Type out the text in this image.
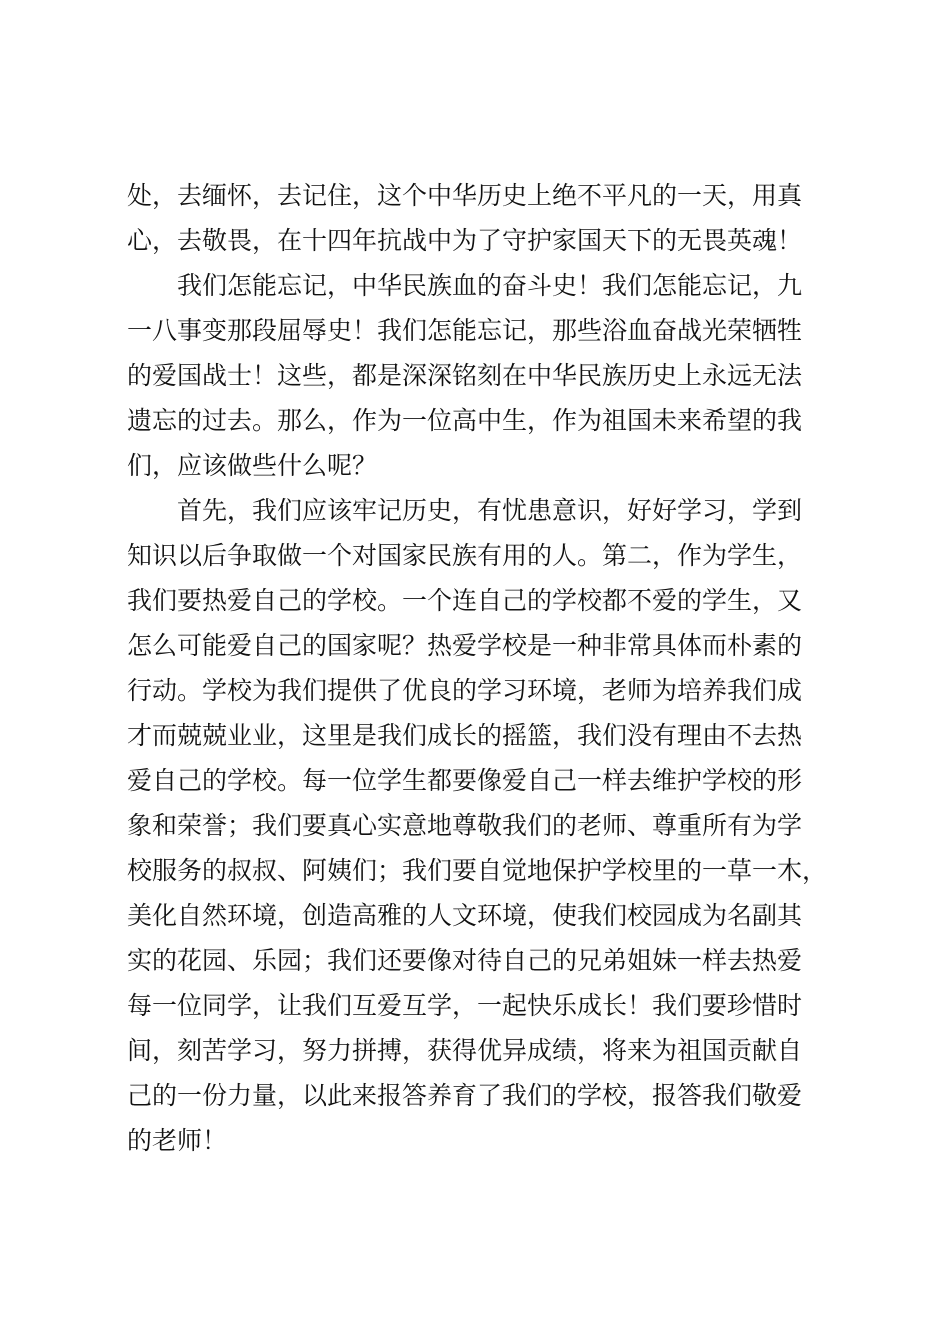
处，去缅怀，去记住，这个中华历史上绝不平凡的一天，用真
心，去敬畏，在十四年抗战中为了守护家国天下的无畏英魂！
我们怎能忘记，中华民族血的奋斗史！我们怎能忘记，九
一八事变那段屈辱史！我们怎能忘记，那些浴血奋战光荣牺牲
的爱国战士！这些，都是深深铭刻在中华民族历史上永远无法
遗忘的过去。那么，作为一位高中生，作为祖国未来希望的我
们，应该做些什么呢？
首先，我们应该牢记历史，有忧患意识，好好学习，学到
知识以后争取做一个对国家民族有用的人。第二，作为学生，
我们要热爱自己的学校。一个连自己的学校都不爱的学生，又
怎么可能爱自己的国家呢？热爱学校是一种非常具体而朴素的
行动。学校为我们提供了优良的学习环境，老师为培养我们成
才而兢兢业业，这里是我们成长的摇篮，我们没有理由不去热
爱自己的学校。每一位学生都要像爱自己一样去维护学校的形
象和荣誉；我们要真心实意地尊敬我们的老师、尊重所有为学
校服务的叔叔、阿姨们；我们要自觉地保护学校里的一草一木，
美化自然环境，创造高雅的人文环境，使我们校园成为名副其
实的花园、乐园；我们还要像对待自己的兄弟姐妹一样去热爱
每一位同学，让我们互爱互学，一起快乐成长！我们要珍惜时
间，刻苦学习，努力拼搏，获得优异成绩，将来为祖国贡献自
己的一份力量，以此来报答养育了我们的学校，报答我们敬爱
的老师！
